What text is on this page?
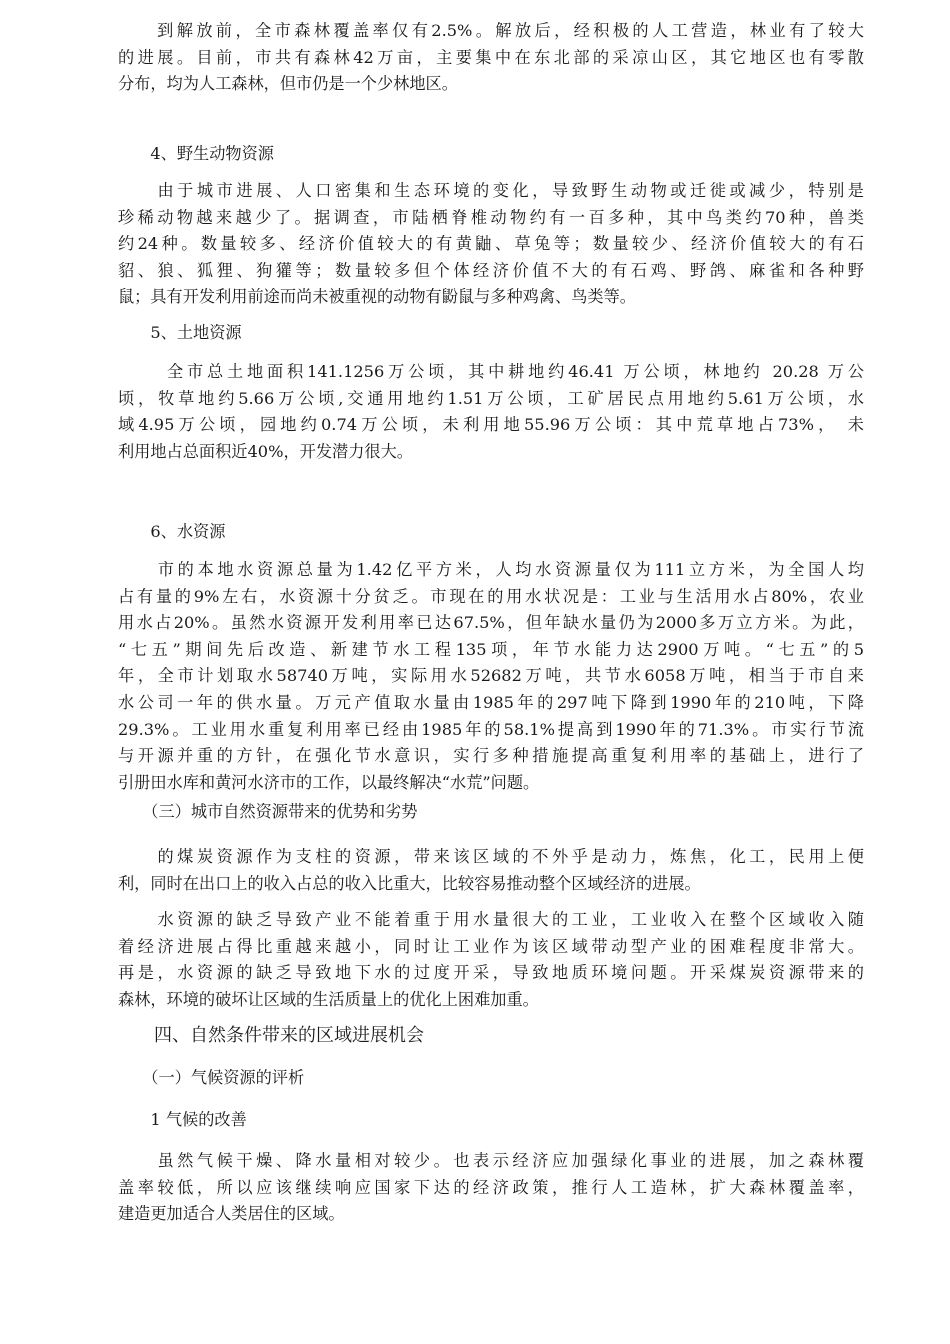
　　到解放前，全市森林覆盖率仅有2.5%。解放后，经积极的人工营造，林业有了较大
的进展。目前，市共有森林42万亩，主要集中在东北部的采凉山区，其它地区也有零散
分布，均为人工森林，但市仍是一个少林地区。
　　4、野生动物资源
　　由于城市进展、人口密集和生态环境的变化，导致野生动物或迁徙或减少，特别是
珍稀动物越来越少了。据调查，市陆栖脊椎动物约有一百多种，其中鸟类约70种，兽类
约24种。数量较多、经济价值较大的有黄鼬、草兔等；数量较少、经济价值较大的有石
貂、狼、狐狸、狗獾等；数量较多但个体经济价值不大的有石鸡、野鸽、麻雀和各种野
鼠；具有开发利用前途而尚未被重视的动物有鼢鼠与多种鸡禽、鸟类等。
　　5、土地资源
　　 全市总土地面积141.1256万公顷，其中耕地约46.41 万公顷，林地约 20.28 万公
顷，牧草地约5.66万公顷,交通用地约1.51万公顷，工矿居民点用地约5.61万公顷，水
域4.95万公顷，园地约0.74万公顷，未利用地55.96万公顷：其中荒草地占73%， 未
利用地占总面积近40%，开发潜力很大。
　　6、水资源
　　市的本地水资源总量为1.42亿平方米，人均水资源量仅为111立方米，为全国人均
占有量的9%左右，水资源十分贫乏。市现在的用水状况是：工业与生活用水占80%，农业
用水占20%。虽然水资源开发利用率已达67.5%，但年缺水量仍为2000多万立方米。为此，
“七五”期间先后改造、新建节水工程135项，年节水能力达2900万吨。“七五”的5
年，全市计划取水58740万吨，实际用水52682万吨，共节水6058万吨，相当于市自来
水公司一年的供水量。万元产值取水量由1985年的297吨下降到1990年的210吨，下降
29.3%。工业用水重复利用率已经由1985年的58.1%提高到1990年的71.3%。市实行节流
与开源并重的方针，在强化节水意识，实行多种措施提高重复利用率的基础上，进行了
引册田水库和黄河水济市的工作，以最终解决“水荒”问题。
　　（三）城市自然资源带来的优势和劣势
　　的煤炭资源作为支柱的资源，带来该区域的不外乎是动力，炼焦，化工，民用上便
利，同时在出口上的收入占总的收入比重大，比较容易推动整个区域经济的进展。
　　水资源的缺乏导致产业不能着重于用水量很大的工业，工业收入在整个区域收入随
着经济进展占得比重越来越小，同时让工业作为该区域带动型产业的困难程度非常大。
再是，水资源的缺乏导致地下水的过度开采，导致地质环境问题。开采煤炭资源带来的
森林，环境的破坏让区域的生活质量上的优化上困难加重。
　　四、自然条件带来的区域进展机会
　　（一）气候资源的评析
　　1 气候的改善
　　虽然气候干燥、降水量相对较少。也表示经济应加强绿化事业的进展，加之森林覆
盖率较低，所以应该继续响应国家下达的经济政策，推行人工造林，扩大森林覆盖率，
建造更加适合人类居住的区域。
